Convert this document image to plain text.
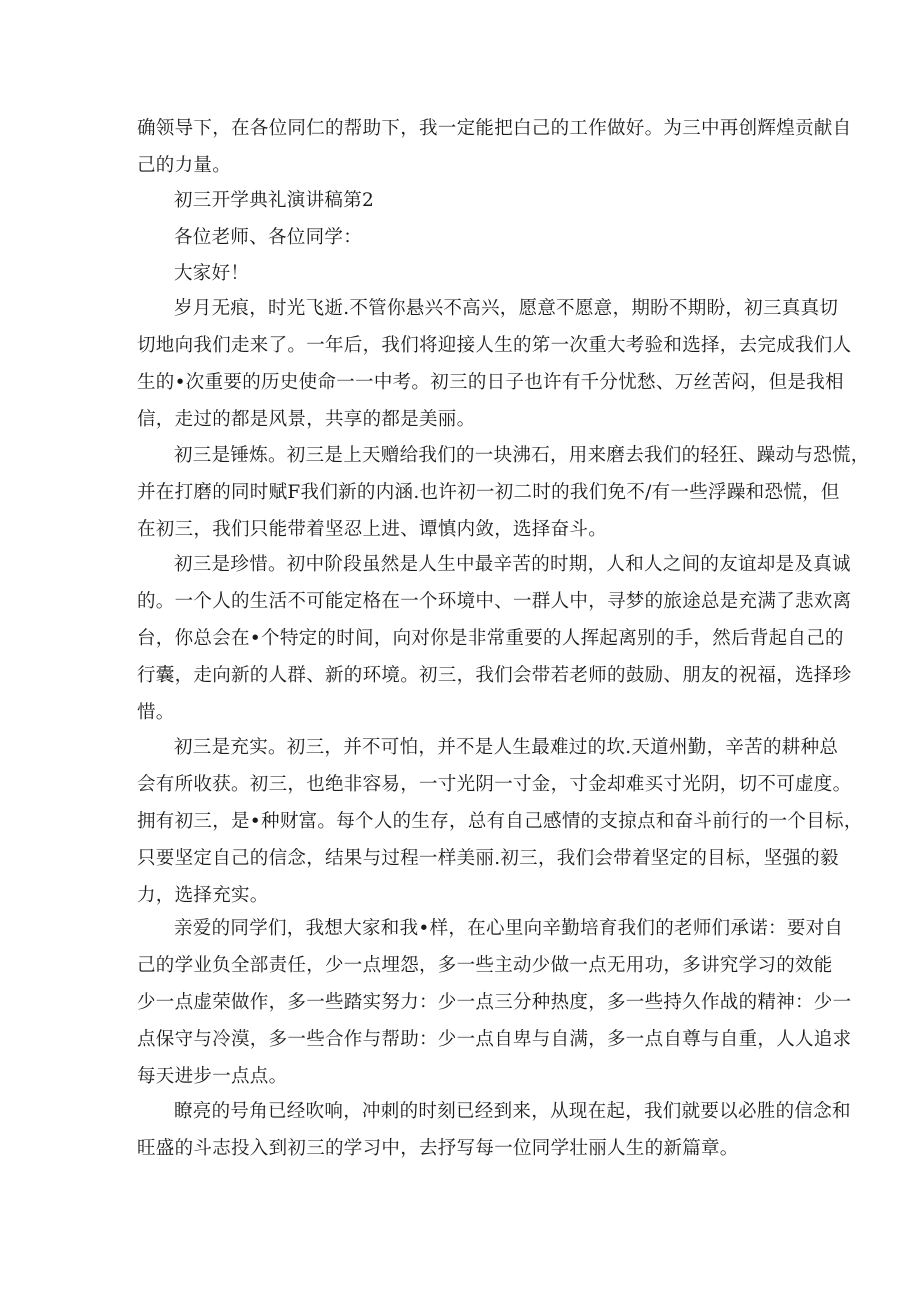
确领导下，在各位同仁的帮助下，我一定能把白己的工作做好。为三中再创辉煌贡献自
己的力量。
初三开学典礼演讲稿第2
各位老师、各位同学：
大家好！
岁月无痕，时光飞逝.不管你悬兴不高兴，愿意不愿意，期盼不期盼，初三真真切
切地向我们走来了。一年后，我们将迎接人生的笫一次重大考验和选择，去完成我们人
生的•次重要的历史使命一一中考。初三的日子也许有千分忧愁、万丝苦闷，但是我相
信，走过的都是风景，共享的都是美丽。
初三是锤炼。初三是上天赠给我们的一块沸石，用来磨去我们的轻狂、躁动与恐慌，
并在打磨的同时赋F我们新的内涵.也许初一初二时的我们免不/有一些浮躁和恐慌，但
在初三，我们只能带着坚忍上进、谭慎内敛，选择奋斗。
初三是珍惜。初中阶段虽然是人生中最辛苦的时期，人和人之间的友谊却是及真诚
的。一个人的生活不可能定格在一个环境中、一群人中，寻梦的旅途总是充满了悲欢离
台，你总会在•个特定的时间，向对你是非常重要的人挥起离别的手，然后背起自己的
行囊，走向新的人群、新的环境。初三，我们会带若老师的鼓励、朋友的祝福，选择珍
惜。
初三是充实。初三，并不可怕，并不是人生最难过的坎.天道州勤，辛苦的耕种总
会有所收获。初三，也绝非容易，一寸光阴一寸金，寸金却难买寸光阴，切不可虚度。
拥有初三，是•种财富。每个人的生存，总有自己感情的支掠点和奋斗前行的一个目标，
只要坚定自己的信念，结果与过程一样美丽.初三，我们会带着坚定的目标，坚强的毅
力，选择充实。
亲爱的同学们，我想大家和我•样，在心里向辛勤培育我们的老师们承诺：要对自
己的学业负全部责任，少一点埋怨，多一些主动少做一点无用功，多讲究学习的效能
少一点虚荣做作，多一些踏实努力：少一点三分种热度，多一些持久作战的精神：少一
点保守与冷漠，多一些合作与帮助：少一点自卑与自满，多一点自尊与自重，人人追求
每天进步一点点。
瞭亮的号角已经吹响，冲刺的时刻已经到来，从现在起，我们就要以必胜的信念和
旺盛的斗志投入到初三的学习中，去抒写每一位同学壮丽人生的新篇章。
